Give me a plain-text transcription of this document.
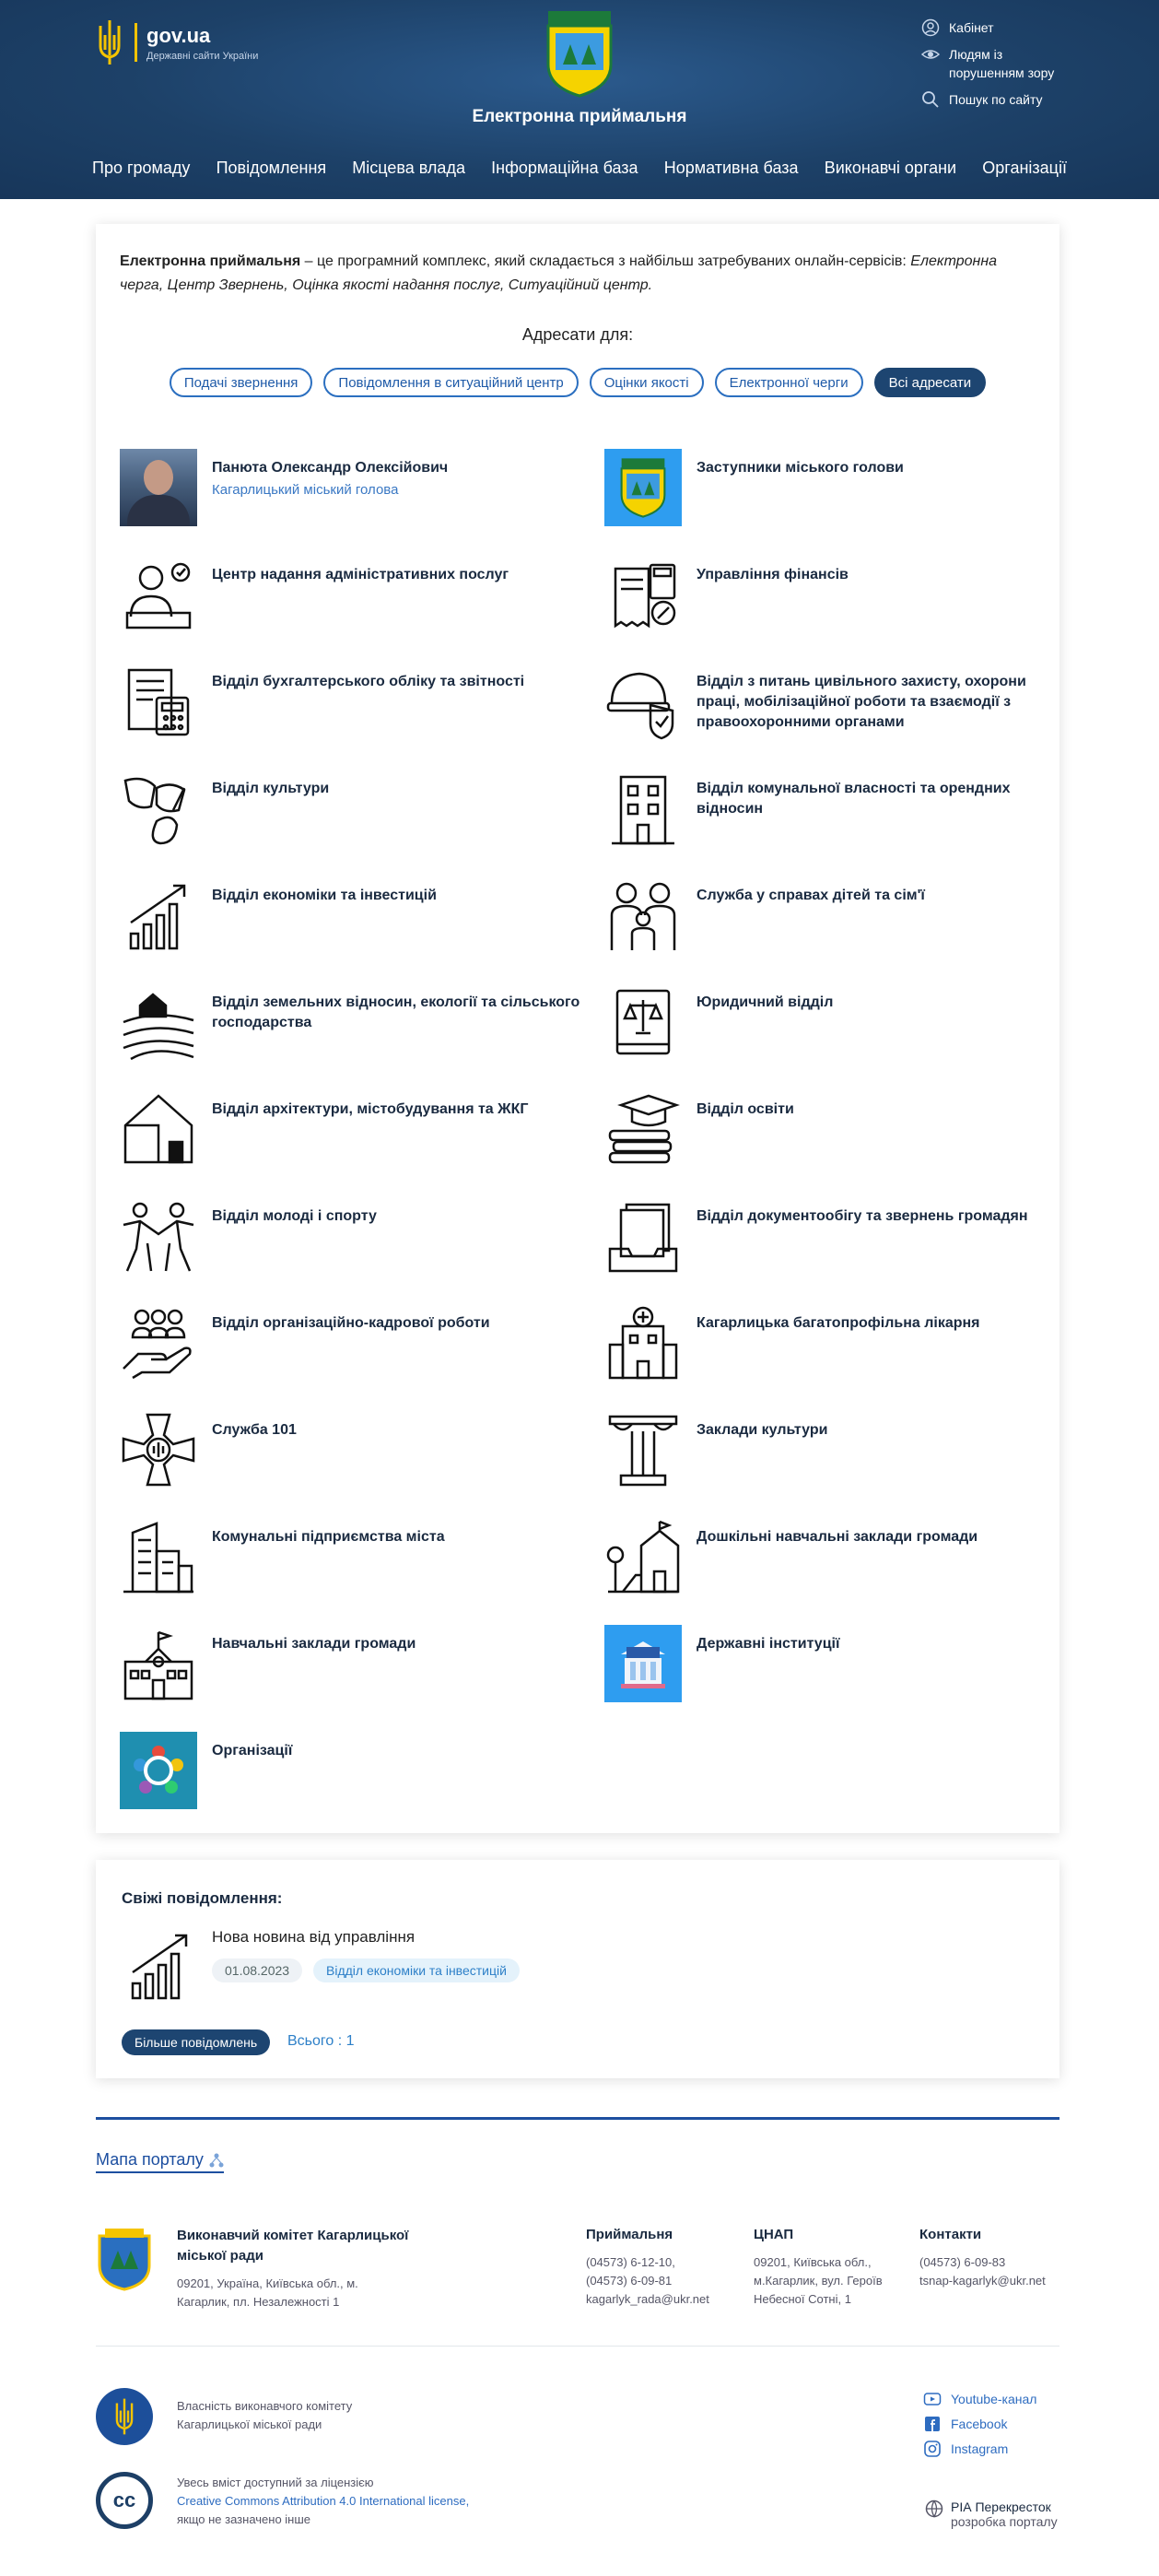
gov.ua
Державні сайти України
Електронна приймальня
Кабінет
Людям із порушенням зору
Пошук по сайту
Про громаду Повідомлення Місцева влада Інформаційна база Нормативна база Виконавчі органи Організації

Електронна приймальня – це програмний комплекс, який складається з найбільш затребуваних онлайн-сервісів: Електронна черга, Центр Звернень, Оцінка якості надання послуг, Ситуаційний центр.

Адресати для:
Подачі звернення	Повідомлення в ситуаційний центр	Оцінки якості	Електронної черги	Всі адресати
Панюта Олександр Олексійович
Кагарлицький міський голова
Заступники міського голови
Центр надання адміністративних послуг	Управління фінансів
Відділ бухгалтерського обліку та звітності	Відділ з питань цивільного захисту, охорони праці, мобілізаційної роботи та взаємодії з правоохоронними органами
Відділ культури	Відділ комунальної власності та орендних відносин
Відділ економіки та інвестицій	Служба у справах дітей та сім'ї
Відділ земельних відносин, екології та сільського господарства
Юридичний відділ
Відділ архітектури, містобудування та ЖКГ	Відділ освіти
Відділ молоді і спорту	Відділ документообігу та звернень громадян
Відділ організаційно-кадрової роботи	Кагарлицька багатопрофільна лікарня
Служба 101	Заклади культури
Комунальні підприємства міста	Дошкільні навчальні заклади громади
Навчальні заклади громади	Державні інституції
Організації
Свіжі повідомлення:
Нова новина від управління
01.08.2023	Відділ економіки та інвестицій
Більше повідомлень	Всього : 1
Мапа порталу
Виконавчий комітет Кагарлицької міської ради
09201, Україна, Київська обл., м. Кагарлик, пл. Незалежності 1
Приймальня
(04573) 6-12-10,
(04573) 6-09-81
kagarlyk_rada@ukr.net
ЦНАП
09201, Київська обл.,
м.Кагарлик, вул. Героїв
Небесної Сотні, 1
Контакти
(04573) 6-09-83
tsnap-kagarlyk@ukr.net
Власність виконавчого комітету Кагарлицької міської ради
Youtube-канал
Facebook
Instagram
cc
Увесь вміст доступний за ліцензією
Creative Commons Attribution 4.0 International license,
якщо не зазначено інше
РІА Перекресток
розробка порталу
